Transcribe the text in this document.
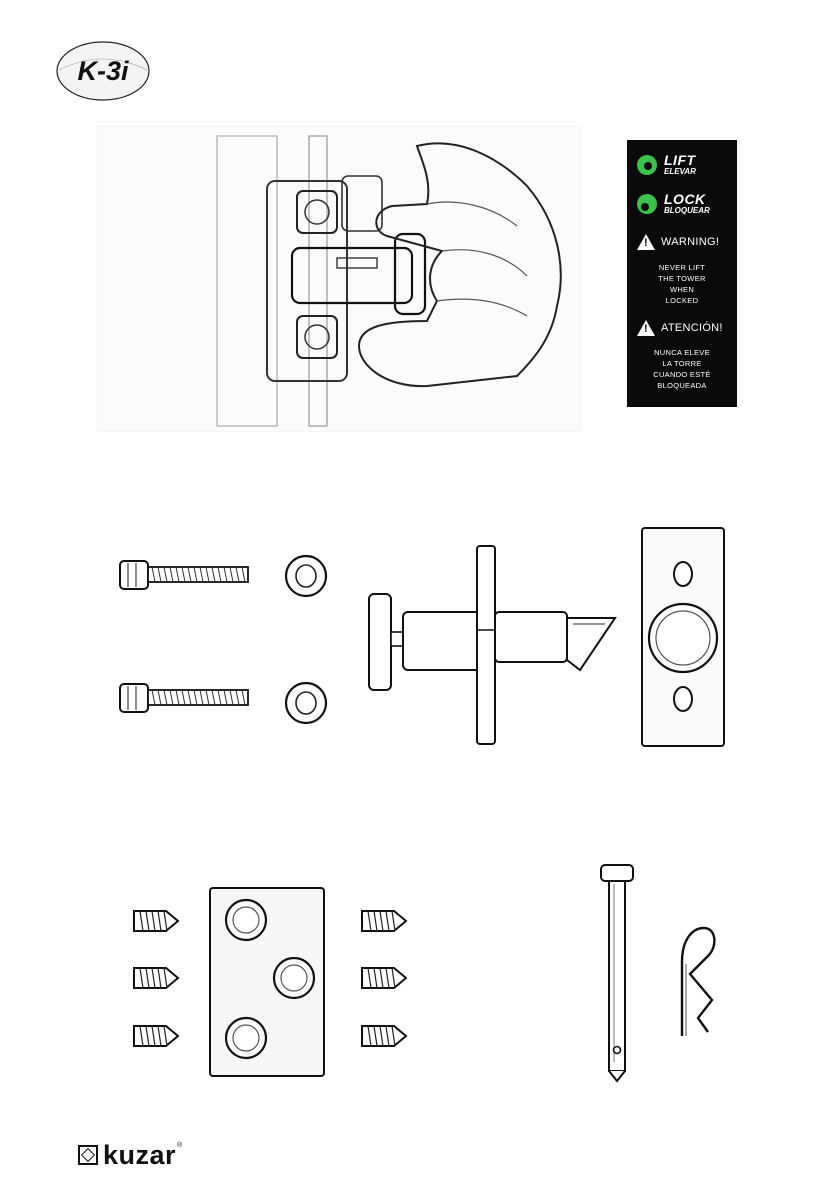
K-3i
LIFT
ELEVAR
LOCK
BLOQUEAR
!
WARNING!
NEVER LIFT
THE TOWER
WHEN
LOCKED
!
ATENCIÓN!
NUNCA ELEVE
LA TORRE
CUANDO ESTÉ
BLOQUEADA
kuzar ®
